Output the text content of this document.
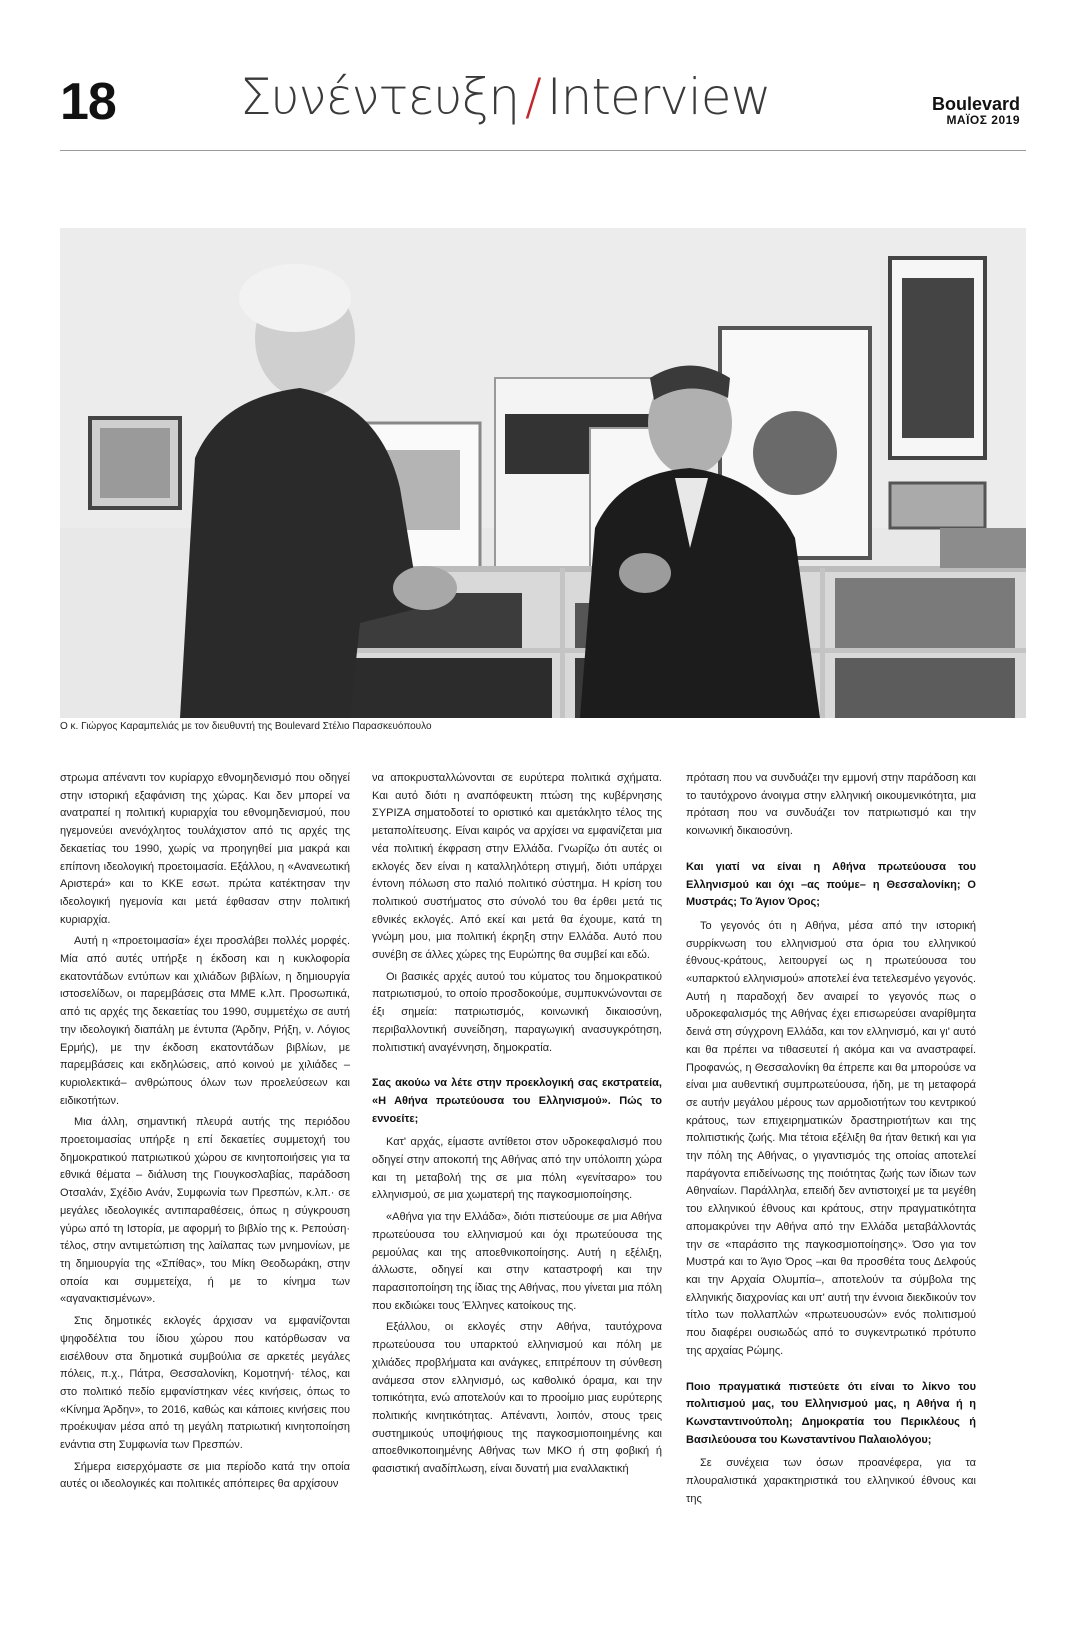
18 Συνέντευξη / Interview	Boulevard
ΜΑΪΟΣ 2019
Ο κ. Γιώργος Καραμπελιάς με τον διευθυντή της Boulevard Στέλιο Παρασκευόπουλο

στρωμα απέναντι τον κυρίαρχο εθνομηδενισμό που οδηγεί στην ιστορική εξαφάνιση της χώρας. Και δεν μπορεί να ανατραπεί η πολιτική κυριαρχία του εθνομηδενισμού, που ηγεμονεύει ανενόχλητος τουλάχιστον από τις αρχές της δεκαετίας του 1990, χωρίς να προηγηθεί μια μακρά και επίπονη ιδεολογική προετοιμασία. Εξάλλου, η «Ανανεωτική Αριστερά» και το ΚΚΕ εσωτ. πρώτα κατέκτησαν την ιδεολογική ηγεμονία και μετά έφθασαν στην πολιτική κυριαρχία.

Αυτή η «προετοιμασία» έχει προσλάβει πολλές μορφές. Μία από αυτές υπήρξε η έκδοση και η κυκλοφορία εκατοντάδων εντύπων και χιλιάδων βιβλίων, η δημιουργία ιστοσελίδων, οι παρεμβάσεις στα ΜΜΕ κ.λπ. Προσωπικά, από τις αρχές της δεκαετίας του 1990, συμμετέχω σε αυτή την ιδεολογική διαπάλη με έντυπα (Άρδην, Ρήξη, ν. Λόγιος Ερμής), με την έκδοση εκατοντάδων βιβλίων, με παρεμβάσεις και εκδηλώσεις, από κοινού με χιλιάδες –κυριολεκτικά– ανθρώπους όλων των προελεύσεων και ειδικοτήτων.

Μια άλλη, σημαντική πλευρά αυτής της περιόδου προετοιμασίας υπήρξε η επί δεκαετίες συμμετοχή του δημοκρατικού πατριωτικού χώρου σε κινητοποιήσεις για τα εθνικά θέματα – διάλυση της Γιουγκοσλαβίας, παράδοση Οτσαλάν, Σχέδιο Ανάν, Συμφωνία των Πρεσπών, κ.λπ.· σε μεγάλες ιδεολογικές αντιπαραθέσεις, όπως η σύγκρουση γύρω από τη Ιστορία, με αφορμή το βιβλίο της κ. Ρεπούση· τέλος, στην αντιμετώπιση της λαίλαπας των μνημονίων, με τη δημιουργία της «Σπίθας», του Μίκη Θεοδωράκη, στην οποία και συμμετείχα, ή με το κίνημα των «αγανακτισμένων».

Στις δημοτικές εκλογές άρχισαν να εμφανίζονται ψηφοδέλτια του ίδιου χώρου που κατόρθωσαν να εισέλθουν στα δημοτικά συμβούλια σε αρκετές μεγάλες πόλεις, π.χ., Πάτρα, Θεσσαλονίκη, Κομοτηνή· τέλος, και στο πολιτικό πεδίο εμφανίστηκαν νέες κινήσεις, όπως το «Κίνημα Άρδην», το 2016, καθώς και κάποιες κινήσεις που προέκυψαν μέσα από τη μεγάλη πατριωτική κινητοποίηση ενάντια στη Συμφωνία των Πρεσπών.

Σήμερα εισερχόμαστε σε μια περίοδο κατά την οποία αυτές οι ιδεολογικές και πολιτικές απόπειρες θα αρχίσουν

να αποκρυσταλλώνονται σε ευρύτερα πολιτικά σχήματα. Και αυτό διότι η αναπόφευκτη πτώση της κυβέρνησης ΣΥΡΙΖΑ σηματοδοτεί το οριστικό και αμετάκλητο τέλος της μεταπολίτευσης. Είναι καιρός να αρχίσει να εμφανίζεται μια νέα πολιτική έκφραση στην Ελλάδα. Γνωρίζω ότι αυτές οι εκλογές δεν είναι η καταλληλότερη στιγμή, διότι υπάρχει έντονη πόλωση στο παλιό πολιτικό σύστημα. Η κρίση του πολιτικού συστήματος στο σύνολό του θα έρθει μετά τις εθνικές εκλογές. Από εκεί και μετά θα έχουμε, κατά τη γνώμη μου, μια πολιτική έκρηξη στην Ελλάδα. Αυτό που συνέβη σε άλλες χώρες της Ευρώπης θα συμβεί και εδώ.

Οι βασικές αρχές αυτού του κύματος του δημοκρατικού πατριωτισμού, το οποίο προσδοκούμε, συμπυκνώνονται σε έξι σημεία: πατριωτισμός, κοινωνική δικαιοσύνη, περιβαλλοντική συνείδηση, παραγωγική ανασυγκρότηση, πολιτιστική αναγέννηση, δημοκρατία.

Σας ακούω να λέτε στην προεκλογική σας εκστρατεία, «Η Αθήνα πρωτεύουσα του Ελληνισμού». Πώς το εννοείτε;

Κατ' αρχάς, είμαστε αντίθετοι στον υδροκεφαλισμό που οδηγεί στην αποκοπή της Αθήνας από την υπόλοιπη χώρα και τη μεταβολή της σε μια πόλη «γενίτσαρο» του ελληνισμού, σε μια χωματερή της παγκοσμιοποίησης.

«Αθήνα για την Ελλάδα», διότι πιστεύουμε σε μια Αθήνα πρωτεύουσα του ελληνισμού και όχι πρωτεύουσα της ρεμούλας και της αποεθνικοποίησης. Αυτή η εξέλιξη, άλλωστε, οδηγεί και στην καταστροφή και την παρασιτοποίηση της ίδιας της Αθήνας, που γίνεται μια πόλη που εκδιώκει τους Έλληνες κατοίκους της.

Εξάλλου, οι εκλογές στην Αθήνα, ταυτόχρονα πρωτεύουσα του υπαρκτού ελληνισμού και πόλη με χιλιάδες προβλήματα και ανάγκες, επιτρέπουν τη σύνθεση ανάμεσα στον ελληνισμό, ως καθολικό όραμα, και την τοπικότητα, ενώ αποτελούν και το προοίμιο μιας ευρύτερης πολιτικής κινητικότητας. Απέναντι, λοιπόν, στους τρεις συστημικούς υποψήφιους της παγκοσμιοποιημένης και αποεθνικοποιημένης Αθήνας των ΜΚΟ ή στη φοβική ή φασιστική αναδίπλωση, είναι δυνατή μια εναλλακτική

πρόταση που να συνδυάζει την εμμονή στην παράδοση και το ταυτόχρονο άνοιγμα στην ελληνική οικουμενικότητα, μια πρόταση που να συνδυάζει τον πατριωτισμό και την κοινωνική δικαιοσύνη.

Και γιατί να είναι η Αθήνα πρωτεύουσα του Ελληνισμού και όχι –ας πούμε– η Θεσσαλονίκη; Ο Μυστράς; Το Άγιον Όρος;

Το γεγονός ότι η Αθήνα, μέσα από την ιστορική συρρίκνωση του ελληνισμού στα όρια του ελληνικού έθνους-κράτους, λειτουργεί ως η πρωτεύουσα του «υπαρκτού ελληνισμού» αποτελεί ένα τετελεσμένο γεγονός. Αυτή η παραδοχή δεν αναιρεί το γεγονός πως ο υδροκεφαλισμός της Αθήνας έχει επισωρεύσει αναρίθμητα δεινά στη σύγχρονη Ελλάδα, και τον ελληνισμό, και γι' αυτό και θα πρέπει να τιθασευτεί ή ακόμα και να αναστραφεί. Προφανώς, η Θεσσαλονίκη θα έπρεπε και θα μπορούσε να είναι μια αυθεντική συμπρωτεύουσα, ήδη, με τη μεταφορά σε αυτήν μεγάλου μέρους των αρμοδιοτήτων του κεντρικού κράτους, των επιχειρηματικών δραστηριοτήτων και της πολιτιστικής ζωής. Μια τέτοια εξέλιξη θα ήταν θετική και για την πόλη της Αθήνας, ο γιγαντισμός της οποίας αποτελεί παράγοντα επιδείνωσης της ποιότητας ζωής των ίδιων των Αθηναίων. Παράλληλα, επειδή δεν αντιστοιχεί με τα μεγέθη του ελληνικού έθνους και κράτους, στην πραγματικότητα απομακρύνει την Αθήνα από την Ελλάδα μεταβάλλοντάς την σε «παράσιτο της παγκοσμιοποίησης». Όσο για τον Μυστρά και το Άγιο Όρος –και θα προσθέτα τους Δελφούς και την Αρχαία Ολυμπία–, αποτελούν τα σύμβολα της ελληνικής διαχρονίας και υπ' αυτή την έννοια διεκδικούν τον τίτλο των πολλαπλών «πρωτευουσών» ενός πολιτισμού που διαφέρει ουσιωδώς από το συγκεντρωτικό πρότυπο της αρχαίας Ρώμης.

Ποιο πραγματικά πιστεύετε ότι είναι το λίκνο του πολιτισμού μας, του Ελληνισμού μας, η Αθήνα ή η Κωνσταντινούπολη; Δημοκρατία του Περικλέους ή Βασιλεύουσα του Κωνσταντίνου Παλαιολόγου;

Σε συνέχεια των όσων προανέφερα, για τα πλουραλιστικά χαρακτηριστικά του ελληνικού έθνους και της
